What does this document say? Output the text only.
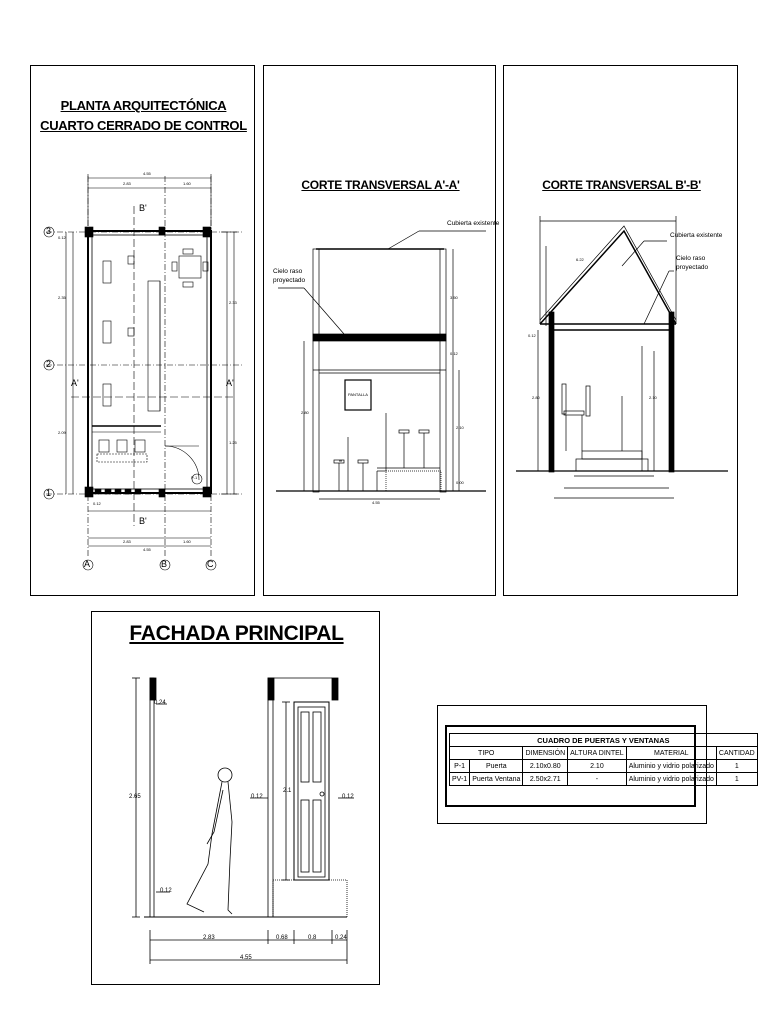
PLANTA ARQUITECTÓNICA
CUARTO CERRADO DE CONTROL
3
2
1
A	B	C
A'	A'
B'
B'
P-1
4.55
2.83	1.60
0.12
2.35
2.09
2.33
1.25
0.12
4.55
2.83	1.60
CORTE TRANSVERSAL A'-A'
Cubierta existente
Cielo raso
proyectado
PANTALLA
3.50
2.10
0.12
4.55
2.80
0.00
CORTE TRANSVERSAL B'-B'
Cubierta existente
Cielo raso
proyectado
2.80
0.12
6.22
2.10
FACHADA PRINCIPAL
0.24
2.65
2.1
0.12	0.12
0.12
2.83	0.68	0.8	0.24
4.55
CUADRO DE PUERTAS Y VENTANAS					
TIPO		DIMENSIÓN	ALTURA DINTEL	MATERIAL	CANTIDAD
P-1	Puerta	2.10x0.80	2.10	Aluminio y vidrio polarizado	1
PV-1	Puerta Ventana	2.50x2.71	-	Aluminio y vidrio polarizado	1
